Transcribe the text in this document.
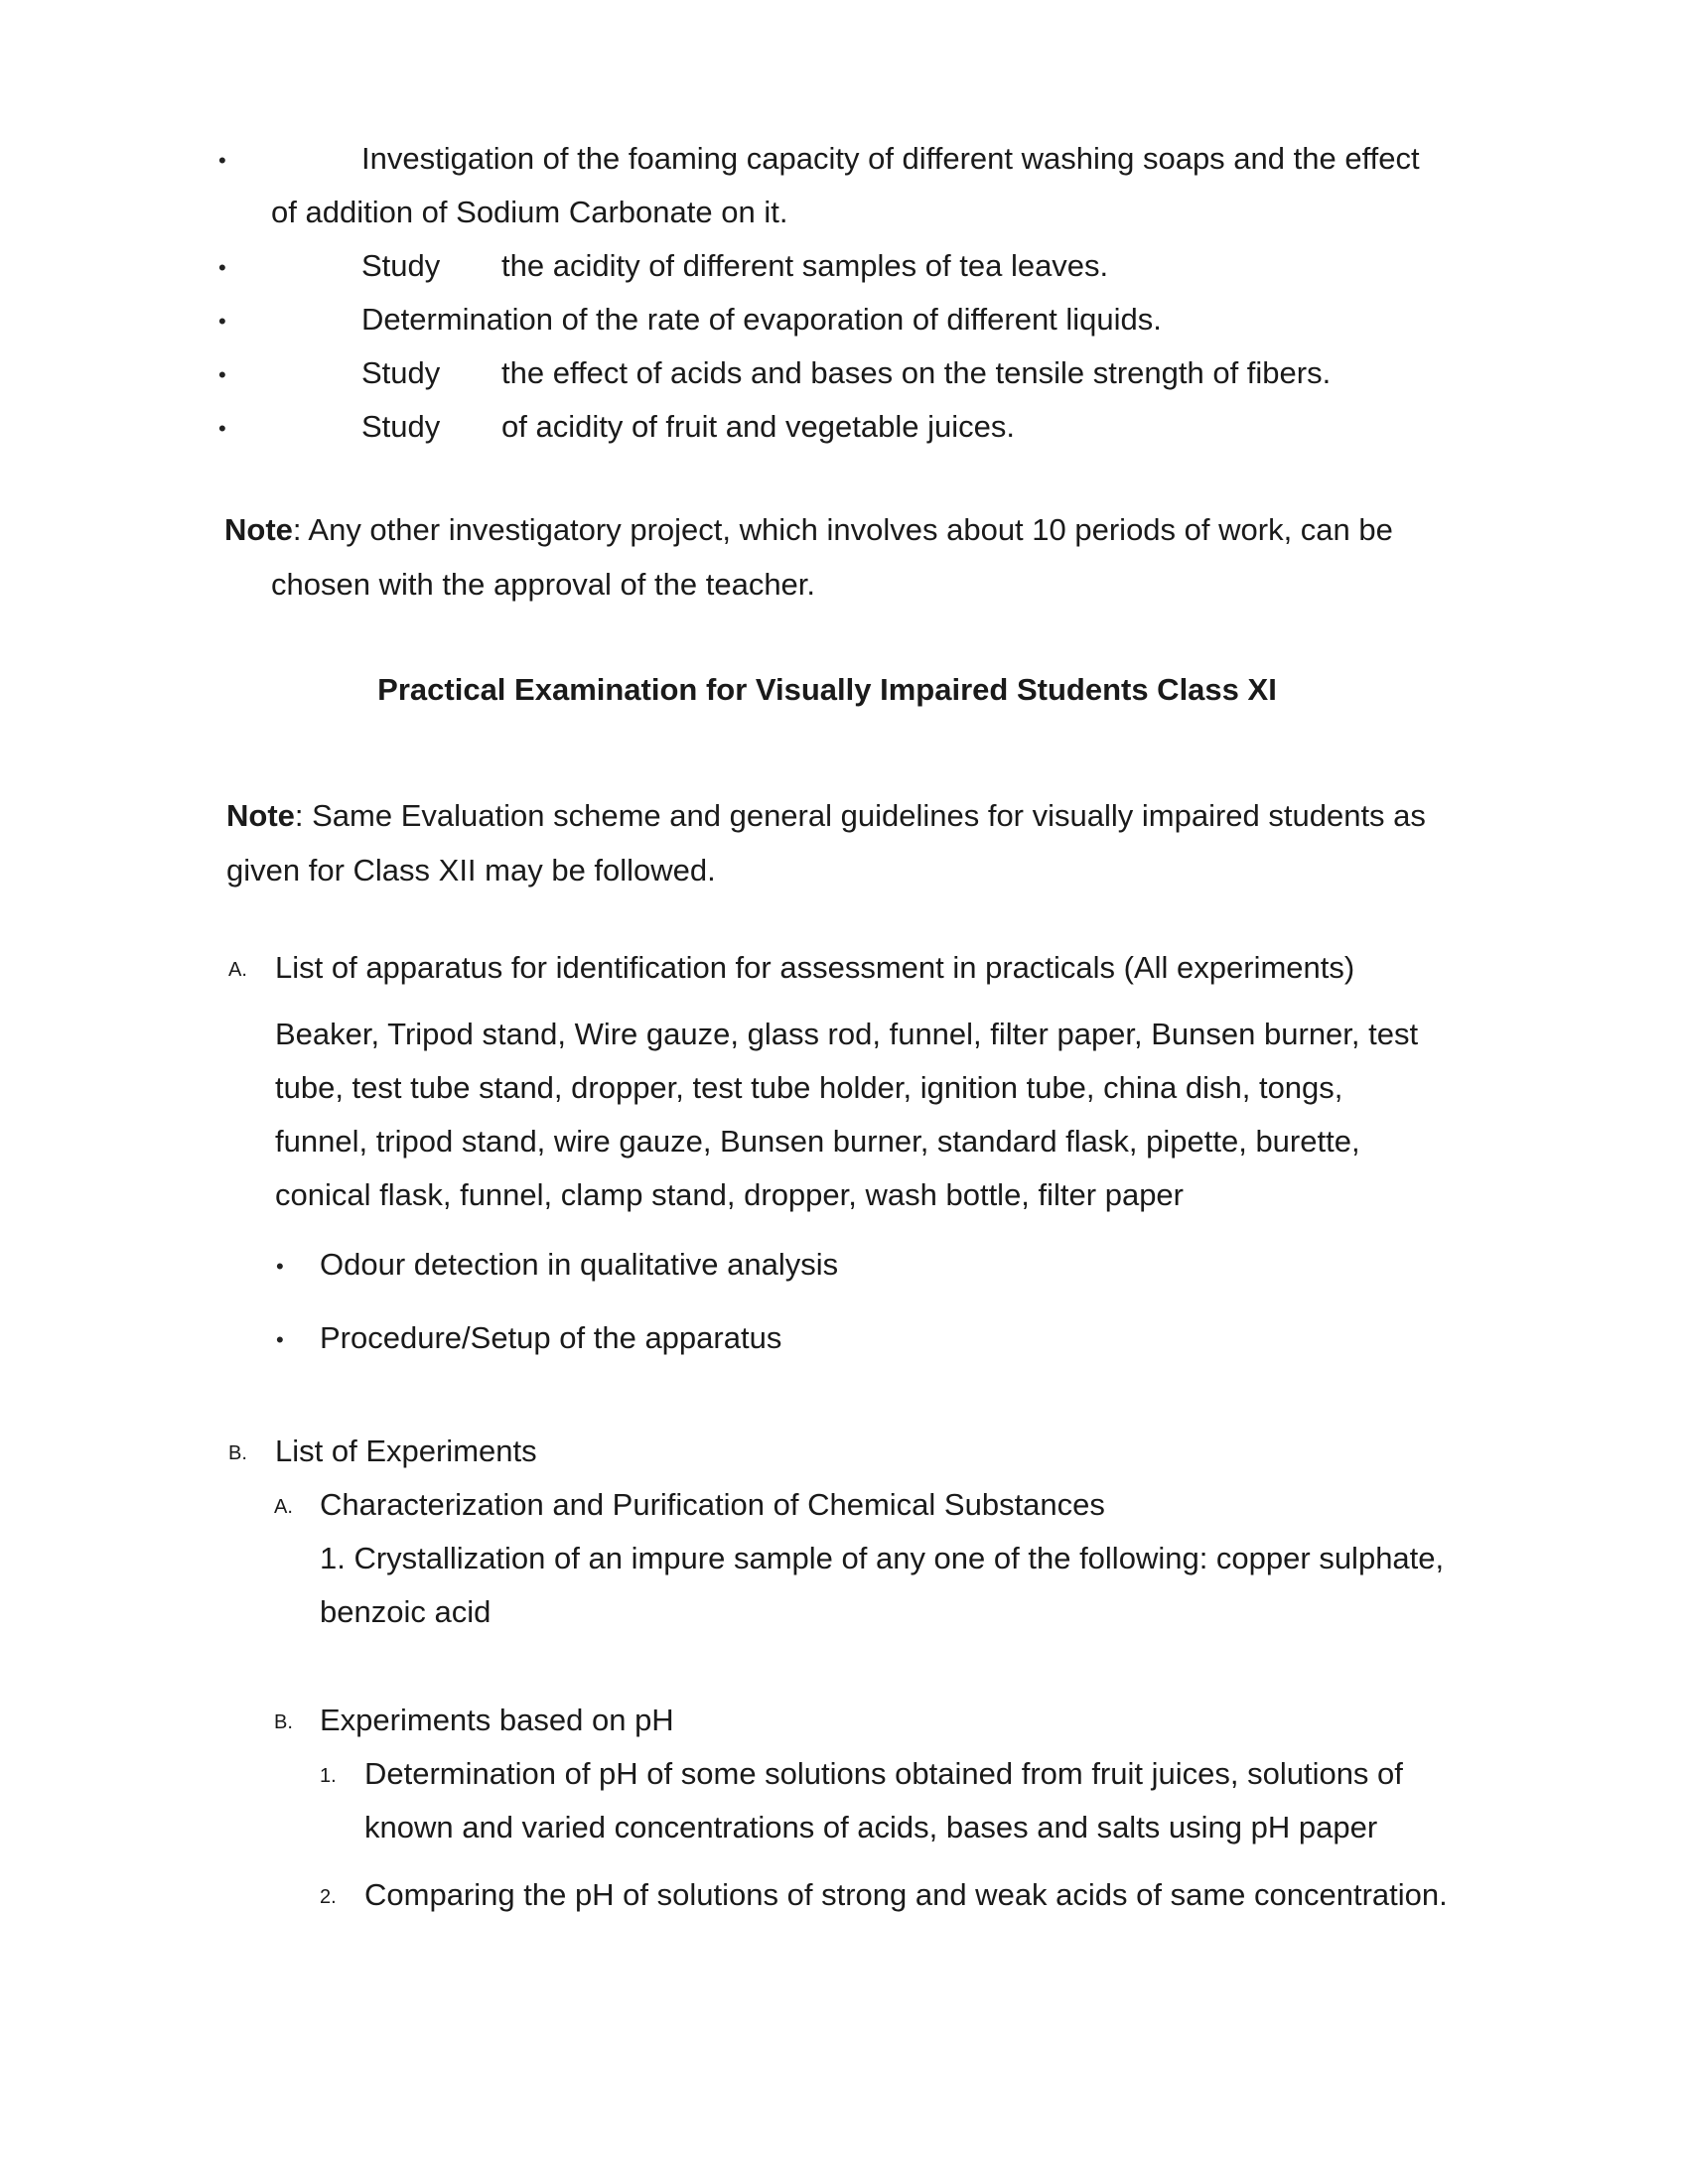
•	Investigation of the foaming capacity of different washing soaps and the effect
of addition of Sodium Carbonate on it.
•	Study the acidity of different samples of tea leaves.
•	Determination of the rate of evaporation of different liquids.
•	Study the effect of acids and bases on the tensile strength of fibers.
•	Study of acidity of fruit and vegetable juices.
Note: Any other investigatory project, which involves about 10 periods of work, can be
chosen with the approval of the teacher.
Practical Examination for Visually Impaired Students Class XI
Note: Same Evaluation scheme and general guidelines for visually impaired students as
given for Class XII may be followed.
A. List of apparatus for identification for assessment in practicals (All experiments)
Beaker, Tripod stand, Wire gauze, glass rod, funnel, filter paper, Bunsen burner, test
tube, test tube stand, dropper, test tube holder, ignition tube, china dish, tongs,
funnel, tripod stand, wire gauze, Bunsen burner, standard flask, pipette, burette,
conical flask, funnel, clamp stand, dropper, wash bottle, filter paper
• Odour detection in qualitative analysis
• Procedure/Setup of the apparatus
B. List of Experiments
A. Characterization and Purification of Chemical Substances
1. Crystallization of an impure sample of any one of the following: copper sulphate,
benzoic acid
B. Experiments based on pH
1. Determination of pH of some solutions obtained from fruit juices, solutions of
known and varied concentrations of acids, bases and salts using pH paper
2. Comparing the pH of solutions of strong and weak acids of same concentration.
